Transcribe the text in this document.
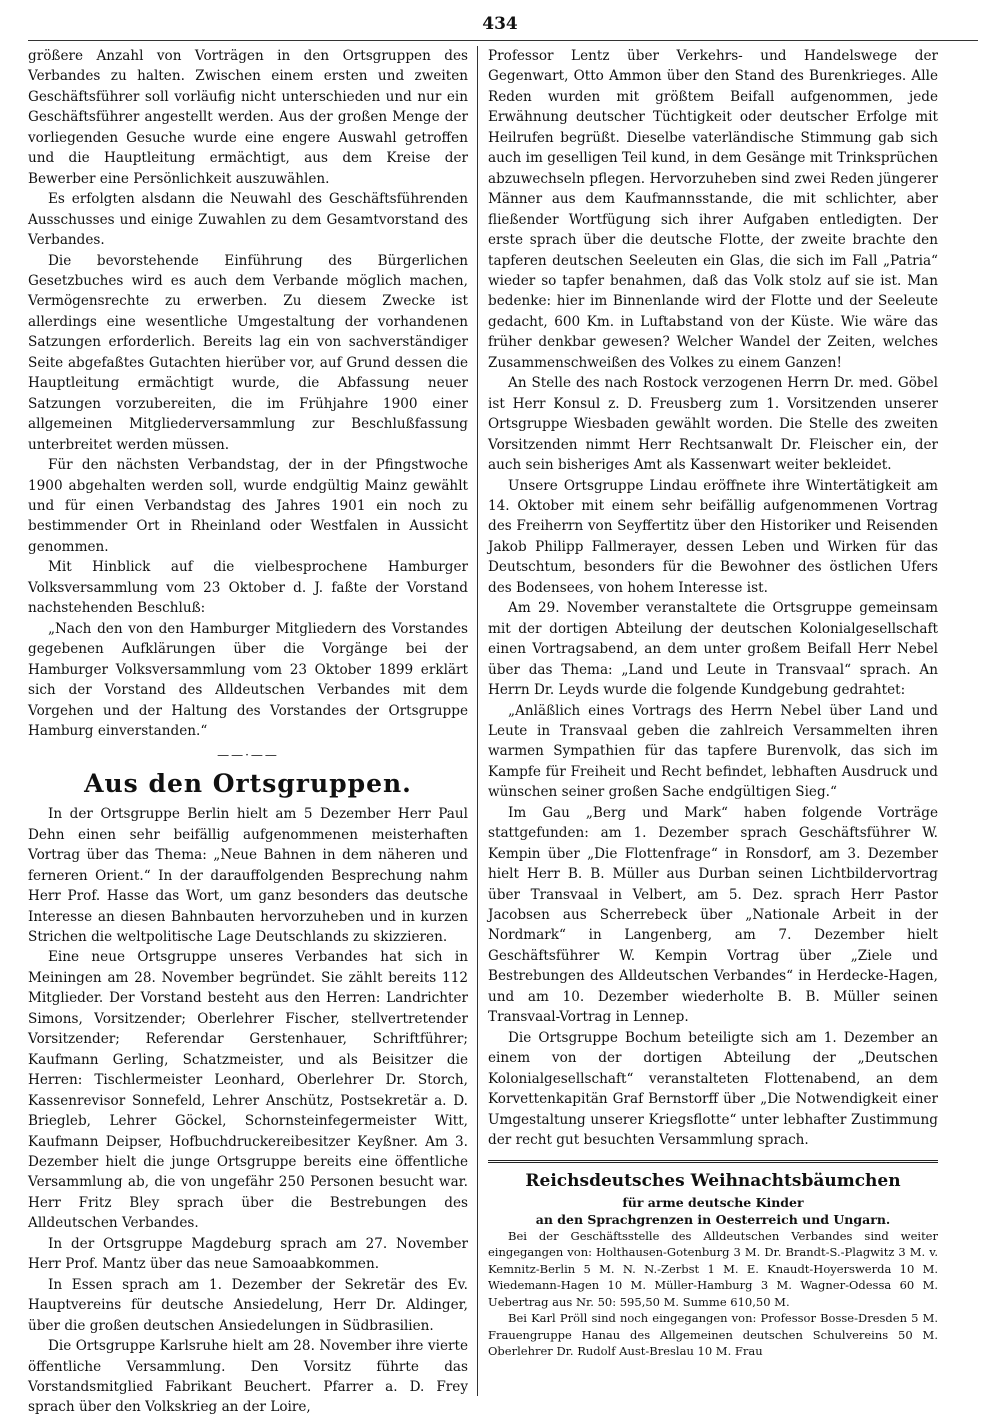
434

größere Anzahl von Vorträgen in den Ortsgruppen des Verbandes zu halten. Zwischen einem ersten und zweiten Geschäftsführer soll vorläufig nicht unterschieden und nur ein Geschäftsführer angestellt werden. Aus der großen Menge der vorliegenden Gesuche wurde eine engere Auswahl getroffen und die Hauptleitung ermächtigt, aus dem Kreise der Bewerber eine Persönlichkeit auszuwählen.

Es erfolgten alsdann die Neuwahl des Geschäftsführenden Ausschusses und einige Zuwahlen zu dem Gesamtvorstand des Verbandes.

Die bevorstehende Einführung des Bürgerlichen Gesetzbuches wird es auch dem Verbande möglich machen, Vermögensrechte zu erwerben. Zu diesem Zwecke ist allerdings eine wesentliche Umgestaltung der vorhandenen Satzungen erforderlich. Bereits lag ein von sachverständiger Seite abgefaßtes Gutachten hierüber vor, auf Grund dessen die Hauptleitung ermächtigt wurde, die Abfassung neuer Satzungen vorzubereiten, die im Frühjahre 1900 einer allgemeinen Mitgliederversammlung zur Beschlußfassung unterbreitet werden müssen.

Für den nächsten Verbandstag, der in der Pfingstwoche 1900 abgehalten werden soll, wurde endgültig Mainz gewählt und für einen Verbandstag des Jahres 1901 ein noch zu bestimmender Ort in Rheinland oder Westfalen in Aussicht genommen.

Mit Hinblick auf die vielbesprochene Hamburger Volksversammlung vom 23 Oktober d. J. faßte der Vorstand nachstehenden Beschluß:

„Nach den von den Hamburger Mitgliedern des Vorstandes gegebenen Aufklärungen über die Vorgänge bei der Hamburger Volksversammlung vom 23 Oktober 1899 erklärt sich der Vorstand des Alldeutschen Verbandes mit dem Vorgehen und der Haltung des Vorstandes der Ortsgruppe Hamburg einverstanden.“

——·——
Aus den Ortsgruppen.

In der Ortsgruppe Berlin hielt am 5 Dezember Herr Paul Dehn einen sehr beifällig aufgenommenen meisterhaften Vortrag über das Thema: „Neue Bahnen in dem näheren und ferneren Orient.“ In der darauffolgenden Besprechung nahm Herr Prof. Hasse das Wort, um ganz besonders das deutsche Interesse an diesen Bahnbauten hervorzuheben und in kurzen Strichen die weltpolitische Lage Deutschlands zu skizzieren.

Eine neue Ortsgruppe unseres Verbandes hat sich in Meiningen am 28. November begründet. Sie zählt bereits 112 Mitglieder. Der Vorstand besteht aus den Herren: Landrichter Simons, Vorsitzender; Oberlehrer Fischer, stellvertretender Vorsitzender; Referendar Gerstenhauer, Schriftführer; Kaufmann Gerling, Schatzmeister, und als Beisitzer die Herren: Tischlermeister Leonhard, Oberlehrer Dr. Storch, Kassenrevisor Sonnefeld, Lehrer Anschütz, Postsekretär a. D. Briegleb, Lehrer Göckel, Schornsteinfegermeister Witt, Kaufmann Deipser, Hofbuchdruckereibesitzer Keyßner. Am 3. Dezember hielt die junge Ortsgruppe bereits eine öffentliche Versammlung ab, die von ungefähr 250 Personen besucht war. Herr Fritz Bley sprach über die Bestrebungen des Alldeutschen Verbandes.

In der Ortsgruppe Magdeburg sprach am 27. November Herr Prof. Mantz über das neue Samoaabkommen.

In Essen sprach am 1. Dezember der Sekretär des Ev. Hauptvereins für deutsche Ansiedelung, Herr Dr. Aldinger, über die großen deutschen Ansiedelungen in Südbrasilien.

Die Ortsgruppe Karlsruhe hielt am 28. November ihre vierte öffentliche Versammlung. Den Vorsitz führte das Vorstandsmitglied Fabrikant Beuchert. Pfarrer a. D. Frey sprach über den Volkskrieg an der Loire,

Professor Lentz über Verkehrs- und Handelswege der Gegenwart, Otto Ammon über den Stand des Burenkrieges. Alle Reden wurden mit größtem Beifall aufgenommen, jede Erwähnung deutscher Tüchtigkeit oder deutscher Erfolge mit Heilrufen begrüßt. Dieselbe vaterländische Stimmung gab sich auch im geselligen Teil kund, in dem Gesänge mit Trinksprüchen abzuwechseln pflegen. Hervorzuheben sind zwei Reden jüngerer Männer aus dem Kaufmannsstande, die mit schlichter, aber fließender Wortfügung sich ihrer Aufgaben entledigten. Der erste sprach über die deutsche Flotte, der zweite brachte den tapferen deutschen Seeleuten ein Glas, die sich im Fall „Patria“ wieder so tapfer benahmen, daß das Volk stolz auf sie ist. Man bedenke: hier im Binnenlande wird der Flotte und der Seeleute gedacht, 600 Km. in Luftabstand von der Küste. Wie wäre das früher denkbar gewesen? Welcher Wandel der Zeiten, welches Zusammenschweißen des Volkes zu einem Ganzen!

An Stelle des nach Rostock verzogenen Herrn Dr. med. Göbel ist Herr Konsul z. D. Freusberg zum 1. Vorsitzenden unserer Ortsgruppe Wiesbaden gewählt worden. Die Stelle des zweiten Vorsitzenden nimmt Herr Rechtsanwalt Dr. Fleischer ein, der auch sein bisheriges Amt als Kassenwart weiter bekleidet.

Unsere Ortsgruppe Lindau eröffnete ihre Wintertätigkeit am 14. Oktober mit einem sehr beifällig aufgenommenen Vortrag des Freiherrn von Seyffertitz über den Historiker und Reisenden Jakob Philipp Fallmerayer, dessen Leben und Wirken für das Deutschtum, besonders für die Bewohner des östlichen Ufers des Bodensees, von hohem Interesse ist.

Am 29. November veranstaltete die Ortsgruppe gemeinsam mit der dortigen Abteilung der deutschen Kolonialgesellschaft einen Vortragsabend, an dem unter großem Beifall Herr Nebel über das Thema: „Land und Leute in Transvaal“ sprach. An Herrn Dr. Leyds wurde die folgende Kundgebung gedrahtet:

„Anläßlich eines Vortrags des Herrn Nebel über Land und Leute in Transvaal geben die zahlreich Versammelten ihren warmen Sympathien für das tapfere Burenvolk, das sich im Kampfe für Freiheit und Recht befindet, lebhaften Ausdruck und wünschen seiner großen Sache endgültigen Sieg.“

Im Gau „Berg und Mark“ haben folgende Vorträge stattgefunden: am 1. Dezember sprach Geschäftsführer W. Kempin über „Die Flottenfrage“ in Ronsdorf, am 3. Dezember hielt Herr B. B. Müller aus Durban seinen Lichtbildervortrag über Transvaal in Velbert, am 5. Dez. sprach Herr Pastor Jacobsen aus Scherrebeck über „Nationale Arbeit in der Nordmark“ in Langenberg, am 7. Dezember hielt Geschäftsführer W. Kempin Vortrag über „Ziele und Bestrebungen des Alldeutschen Verbandes“ in Herdecke-Hagen, und am 10. Dezember wiederholte B. B. Müller seinen Transvaal-Vortrag in Lennep.

Die Ortsgruppe Bochum beteiligte sich am 1. Dezember an einem von der dortigen Abteilung der „Deutschen Kolonialgesellschaft“ veranstalteten Flottenabend, an dem Korvettenkapitän Graf Bernstorff über „Die Notwendigkeit einer Umgestaltung unserer Kriegsflotte“ unter lebhafter Zustimmung der recht gut besuchten Versammlung sprach.

Reichsdeutsches Weihnachtsbäumchen
für arme deutsche Kinder
an den Sprachgrenzen in Oesterreich und Ungarn.

Bei der Geschäftsstelle des Alldeutschen Verbandes sind weiter eingegangen von: Holthausen-Gotenburg 3 M. Dr. Brandt-S.-Plagwitz 3 M. v. Kemnitz-Berlin 5 M. N. N.-Zerbst 1 M. E. Knaudt-Hoyerswerda 10 M. Wiedemann-Hagen 10 M. Müller-Hamburg 3 M. Wagner-Odessa 60 M. Uebertrag aus Nr. 50: 595,50 M. Summe 610,50 M.

Bei Karl Pröll sind noch eingegangen von: Professor Bosse-Dresden 5 M. Frauengruppe Hanau des Allgemeinen deutschen Schulvereins 50 M. Oberlehrer Dr. Rudolf Aust-Breslau 10 M. Frau
